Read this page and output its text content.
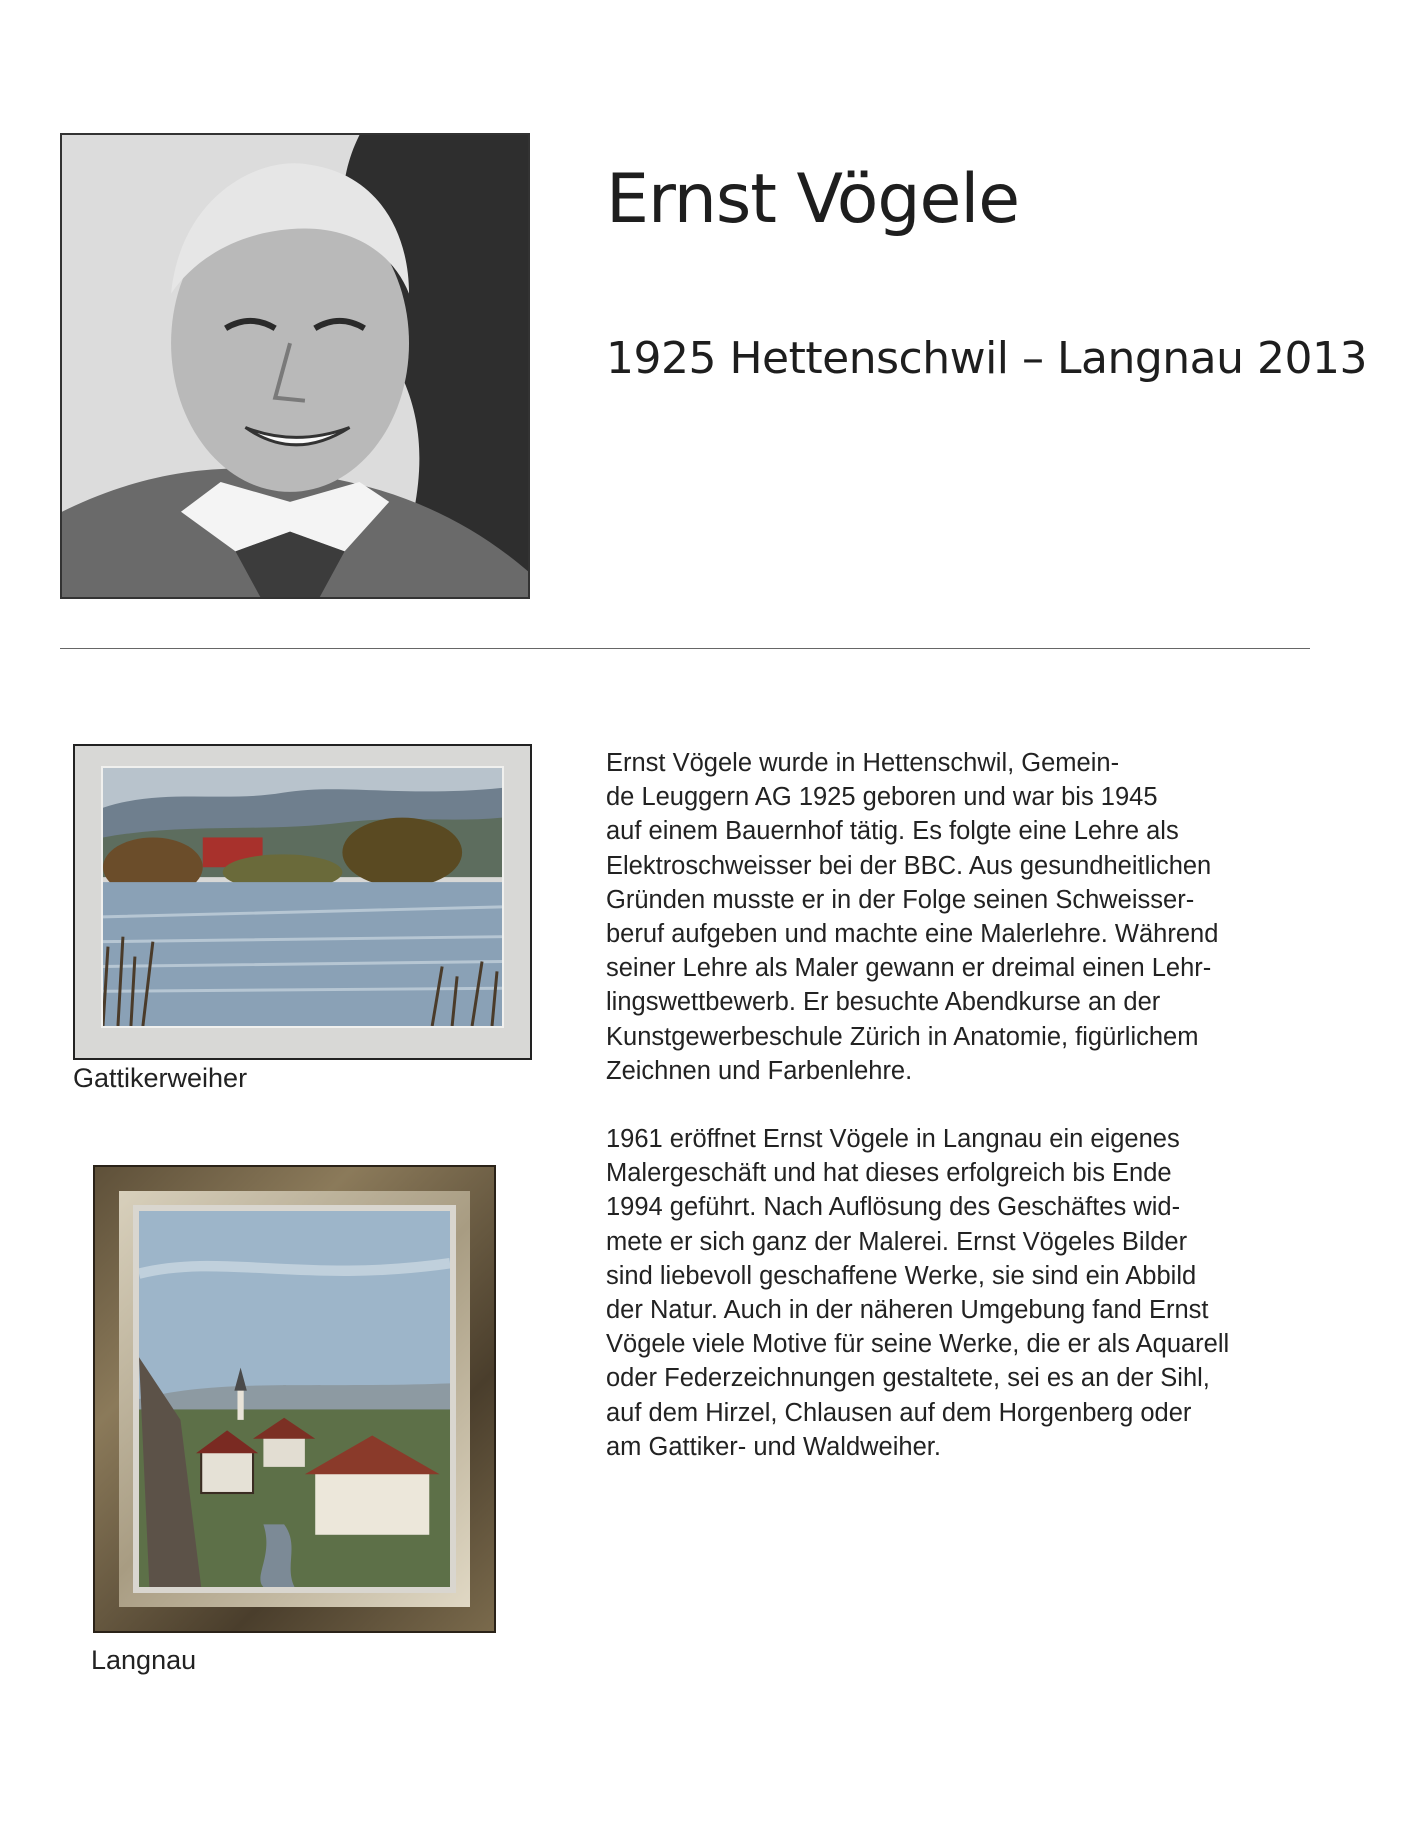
Ernst Vögele
1925 Hettenschwil – Langnau 2013
Gattikerweiher
Langnau

Ernst Vögele wurde in Hettenschwil, Gemein-
de Leuggern AG 1925 geboren und war bis 1945
auf einem Bauernhof tätig. Es folgte eine Lehre als
Elektroschweisser bei der BBC. Aus gesundheitlichen
Gründen musste er in der Folge seinen Schweisser-
beruf aufgeben und machte eine Malerlehre. Während
seiner Lehre als Maler gewann er dreimal einen Lehr-
lingswettbewerb. Er besuchte Abendkurse an der
Kunstgewerbeschule Zürich in Anatomie, figürlichem
Zeichnen und Farbenlehre.

1961 eröffnet Ernst Vögele in Langnau ein eigenes
Malergeschäft und hat dieses erfolgreich bis Ende
1994 geführt. Nach Auflösung des Geschäftes wid-
mete er sich ganz der Malerei. Ernst Vögeles Bilder
sind liebevoll geschaffene Werke, sie sind ein Abbild
der Natur. Auch in der näheren Umgebung fand Ernst
Vögele viele Motive für seine Werke, die er als Aquarell
oder Federzeichnungen gestaltete, sei es an der Sihl,
auf dem Hirzel, Chlausen auf dem Horgenberg oder
am Gattiker- und Waldweiher.
